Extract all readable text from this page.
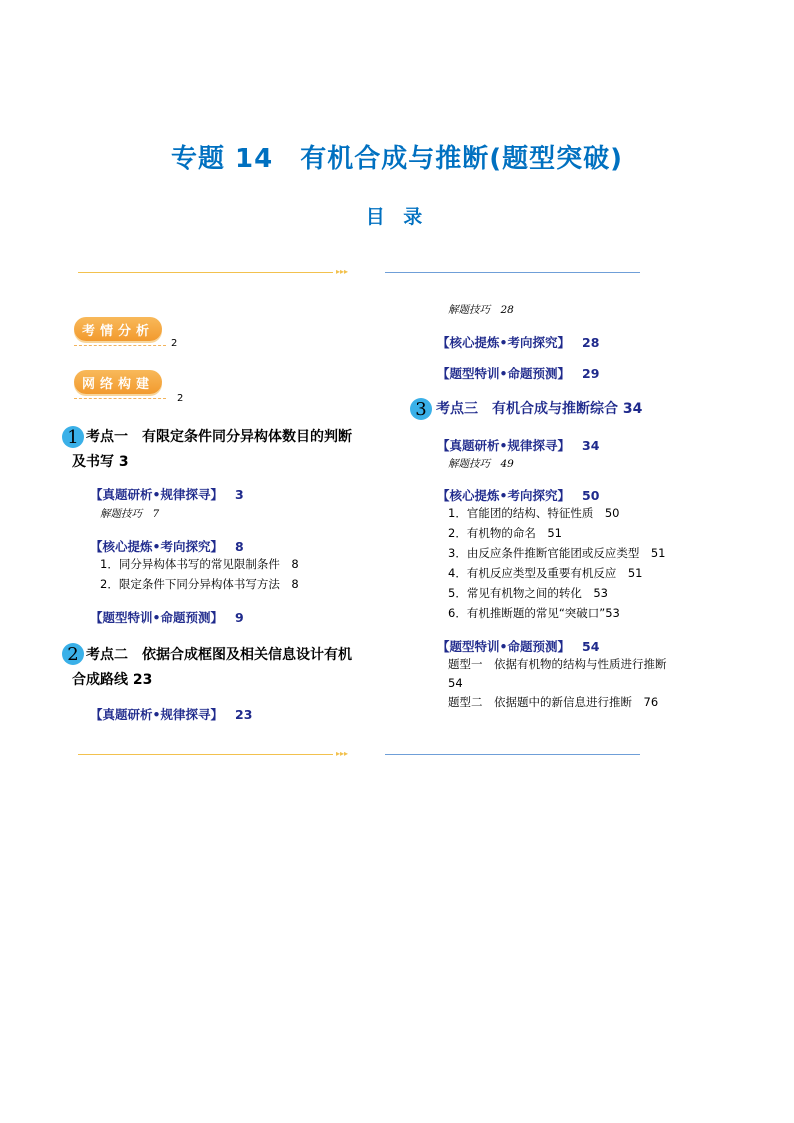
专题 14　有机合成与推断(题型突破)
目 录
▸▸▸
考情分析
2
网络构建
2
1 考点一　有限定条件同分异构体数目的判断
及书写 3
【真题研析•规律探寻】 3
解题技巧　7
【核心提炼•考向探究】 8
1．同分异构体书写的常见限制条件　8
2．限定条件下同分异构体书写方法　8
【题型特训•命题预测】 9
2 考点二　依据合成框图及相关信息设计有机
合成路线 23
【真题研析•规律探寻】 23
解题技巧　28
【核心提炼•考向探究】 28
【题型特训•命题预测】 29
3 考点三　有机合成与推断综合 34
【真题研析•规律探寻】 34
解题技巧　49
【核心提炼•考向探究】 50
1．官能团的结构、特征性质　50
2．有机物的命名　51
3．由反应条件推断官能团或反应类型　51
4．有机反应类型及重要有机反应　51
5．常见有机物之间的转化　53
6．有机推断题的常见“突破口”53
【题型特训•命题预测】 54
题型一　依据有机物的结构与性质进行推断
54
题型二　依据题中的新信息进行推断　76
▸▸▸
